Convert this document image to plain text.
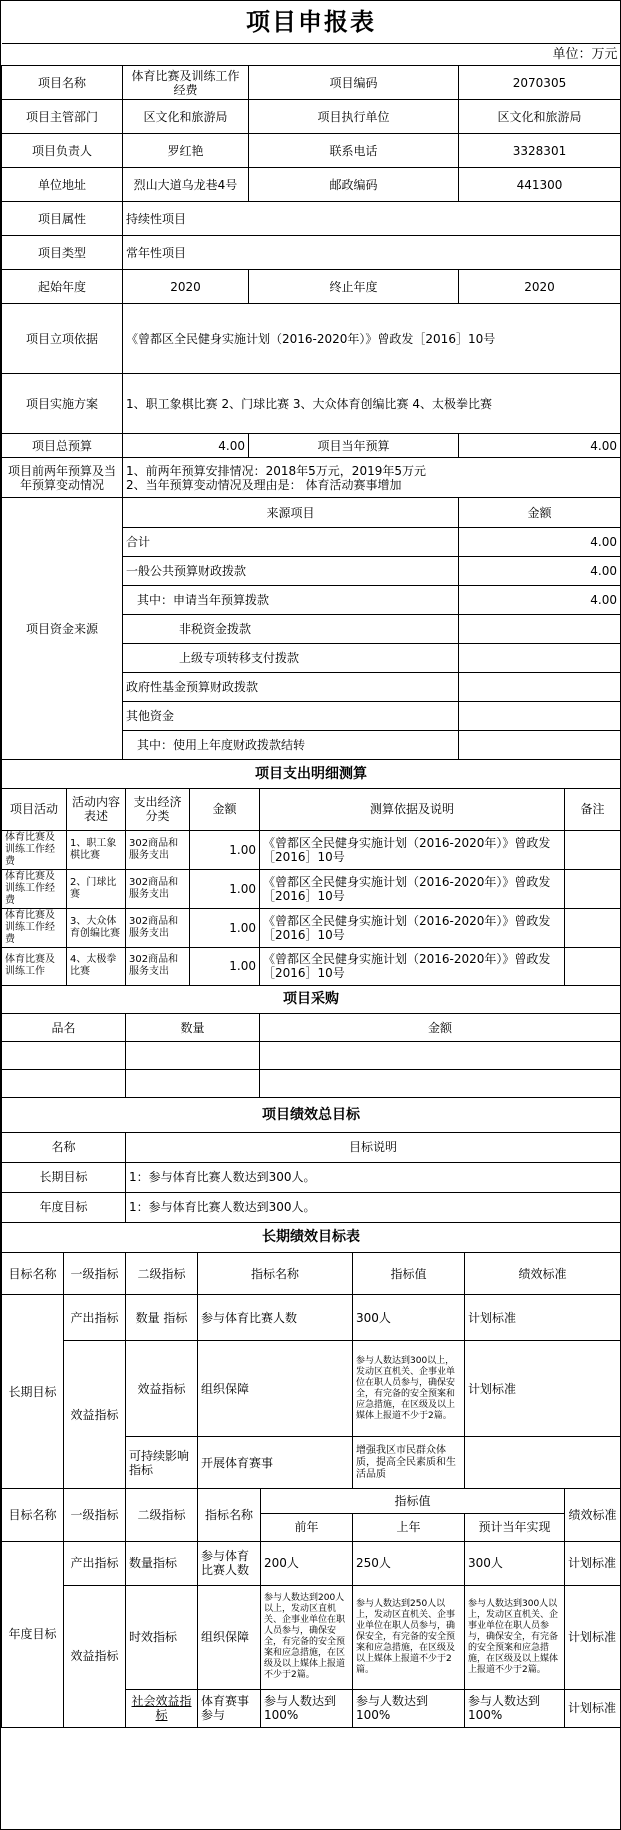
项目申报表			
单位：万元			
项目名称	体育比赛及训练工作经费	项目编码	2070305
项目主管部门	区文化和旅游局	项目执行单位	区文化和旅游局
项目负责人	罗红艳	联系电话	3328301
单位地址	烈山大道乌龙巷4号	邮政编码	441300
项目属性	持续性项目		
项目类型	常年性项目		
起始年度	2020	终止年度	2020
项目立项依据	《曾都区全民健身实施计划（2016-2020年）》曾政发［2016］10号		
项目实施方案	1、职工象棋比赛 2、门球比赛 3、大众体育创编比赛 4、太极拳比赛		
项目总预算	4.00	项目当年预算	4.00
项目前两年预算及当年预算变动情况	1、前两年预算安排情况：2018年5万元，2019年5万元
2、当年预算变动情况及理由是： 体育活动赛事增加		

项目资金来源	来源项目		金额
	合计		4.00
	一般公共预算财政拨款		4.00
	其中：申请当年预算拨款		4.00
	非税资金拨款		
	上级专项转移支付拨款		
	政府性基金预算财政拨款		
	其他资金		
	其中：使用上年度财政拨款结转		
项目支出明细测算					
项目活动	活动内容表述	支出经济分类	金额	测算依据及说明	备注
体育比赛及训练工作经费	1、职工象棋比赛	302商品和服务支出	1.00	《曾都区全民健身实施计划（2016-2020年）》曾政发［2016］10号	
体育比赛及训练工作经费	2、门球比赛	302商品和服务支出	1.00	《曾都区全民健身实施计划（2016-2020年）》曾政发［2016］10号	
体育比赛及训练工作经费	3、大众体育创编比赛	302商品和服务支出	1.00	《曾都区全民健身实施计划（2016-2020年）》曾政发［2016］10号	
体育比赛及训练工作	4、太极拳比赛	302商品和服务支出	1.00	《曾都区全民健身实施计划（2016-2020年）》曾政发［2016］10号	
项目采购		
品名	数量	金额

项目绩效总目标	
名称	目标说明
长期目标	1：参与体育比赛人数达到300人。
年度目标	1：参与体育比赛人数达到300人。
长期绩效目标表					
目标名称	一级指标	二级指标	指标名称	指标值	绩效标准
长期目标	产出指标	数量 指标	参与体育比赛人数	300人	计划标准
	效益指标	效益指标	组织保障	参与人数达到300以上，发动区直机关、企事业单位在职人员参与，确保安全，有完备的安全预案和应急措施，在区级及以上媒体上报道不少于2篇。	计划标准
		可持续影响指标	开展体育赛事	增强我区市民群众体质，提高全民素质和生活品质	
目标名称	一级指标	二级指标	指标名称	指标值			绩效标准
				前年	上年	预计当年实现	
年度目标	产出指标	数量指标	参与体育比赛人数	200人	250人	300人	计划标准
	效益指标	时效指标	组织保障	参与人数达到200人以上，发动区直机关、企事业单位在职人员参与，确保安全，有完备的安全预案和应急措施，在区级及以上媒体上报道不少于2篇。	参与人数达到250人以上，发动区直机关、企事业单位在职人员参与，确保安全，有完备的安全预案和应急措施，在区级及以上媒体上报道不少于2篇。	参与人数达到300人以上，发动区直机关、企事业单位在职人员参与，确保安全，有完备的安全预案和应急措施，在区级及以上媒体上报道不少于2篇。	计划标准
		社会效益指标	体育赛事参与	参与人数达到100%	参与人数达到100%	参与人数达到100%	计划标准
